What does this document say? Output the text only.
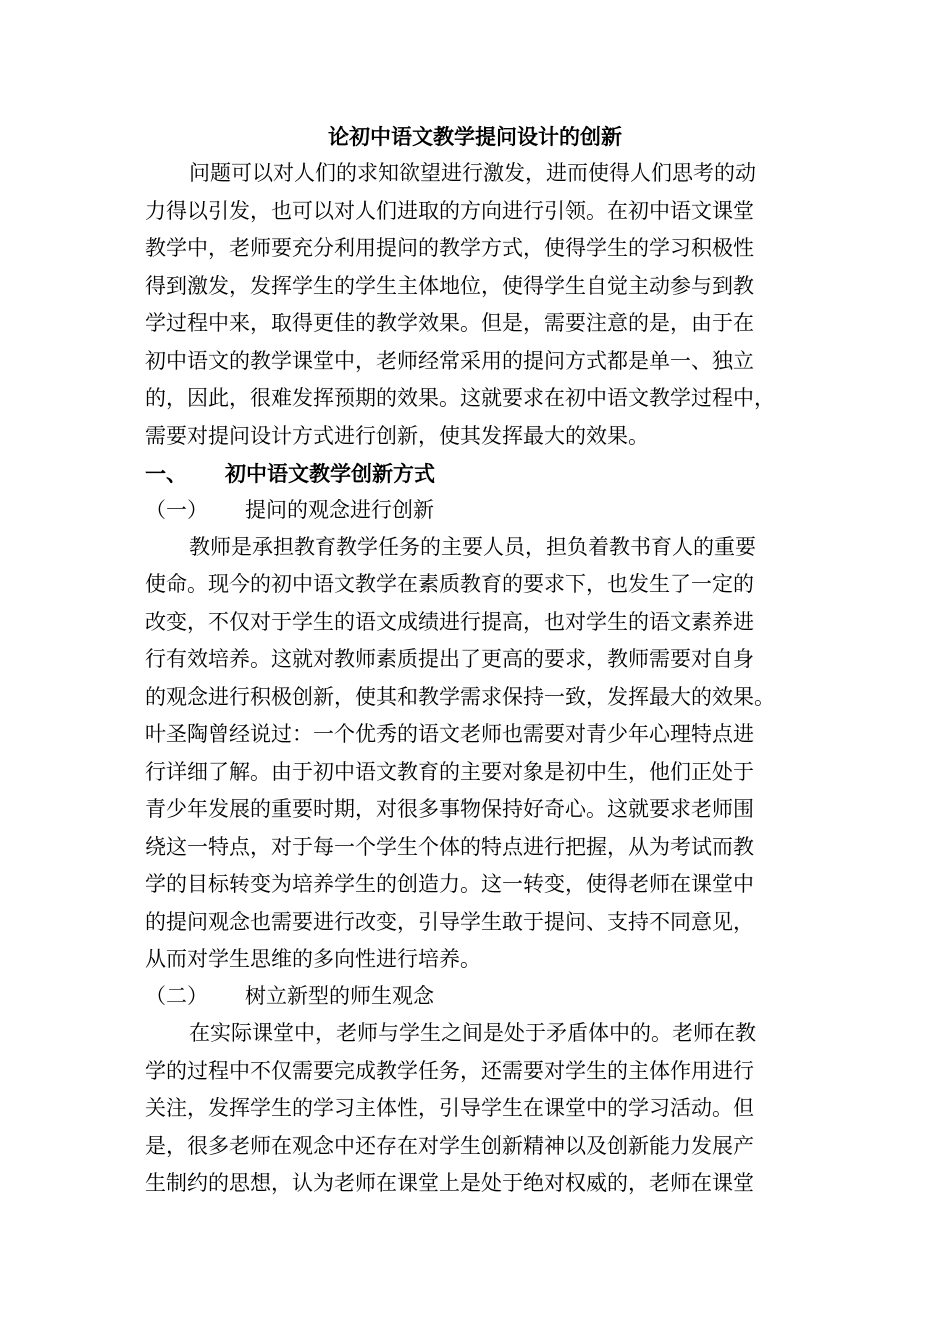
论初中语文教学提问设计的创新
问题可以对人们的求知欲望进行激发，进而使得人们思考的动
力得以引发，也可以对人们进取的方向进行引领。在初中语文课堂
教学中，老师要充分利用提问的教学方式，使得学生的学习积极性
得到激发，发挥学生的学生主体地位，使得学生自觉主动参与到教
学过程中来，取得更佳的教学效果。但是，需要注意的是，由于在
初中语文的教学课堂中，老师经常采用的提问方式都是单一、独立
的，因此，很难发挥预期的效果。这就要求在初中语文教学过程中，
需要对提问设计方式进行创新，使其发挥最大的效果。
一、 初中语文教学创新方式
（一） 提问的观念进行创新
教师是承担教育教学任务的主要人员，担负着教书育人的重要
使命。现今的初中语文教学在素质教育的要求下，也发生了一定的
改变，不仅对于学生的语文成绩进行提高，也对学生的语文素养进
行有效培养。这就对教师素质提出了更高的要求，教师需要对自身
的观念进行积极创新，使其和教学需求保持一致，发挥最大的效果。
叶圣陶曾经说过：一个优秀的语文老师也需要对青少年心理特点进
行详细了解。由于初中语文教育的主要对象是初中生，他们正处于
青少年发展的重要时期，对很多事物保持好奇心。这就要求老师围
绕这一特点，对于每一个学生个体的特点进行把握，从为考试而教
学的目标转变为培养学生的创造力。这一转变，使得老师在课堂中
的提问观念也需要进行改变，引导学生敢于提问、支持不同意见，
从而对学生思维的多向性进行培养。
（二） 树立新型的师生观念
在实际课堂中，老师与学生之间是处于矛盾体中的。老师在教
学的过程中不仅需要完成教学任务，还需要对学生的主体作用进行
关注，发挥学生的学习主体性，引导学生在课堂中的学习活动。但
是，很多老师在观念中还存在对学生创新精神以及创新能力发展产
生制约的思想，认为老师在课堂上是处于绝对权威的，老师在课堂
